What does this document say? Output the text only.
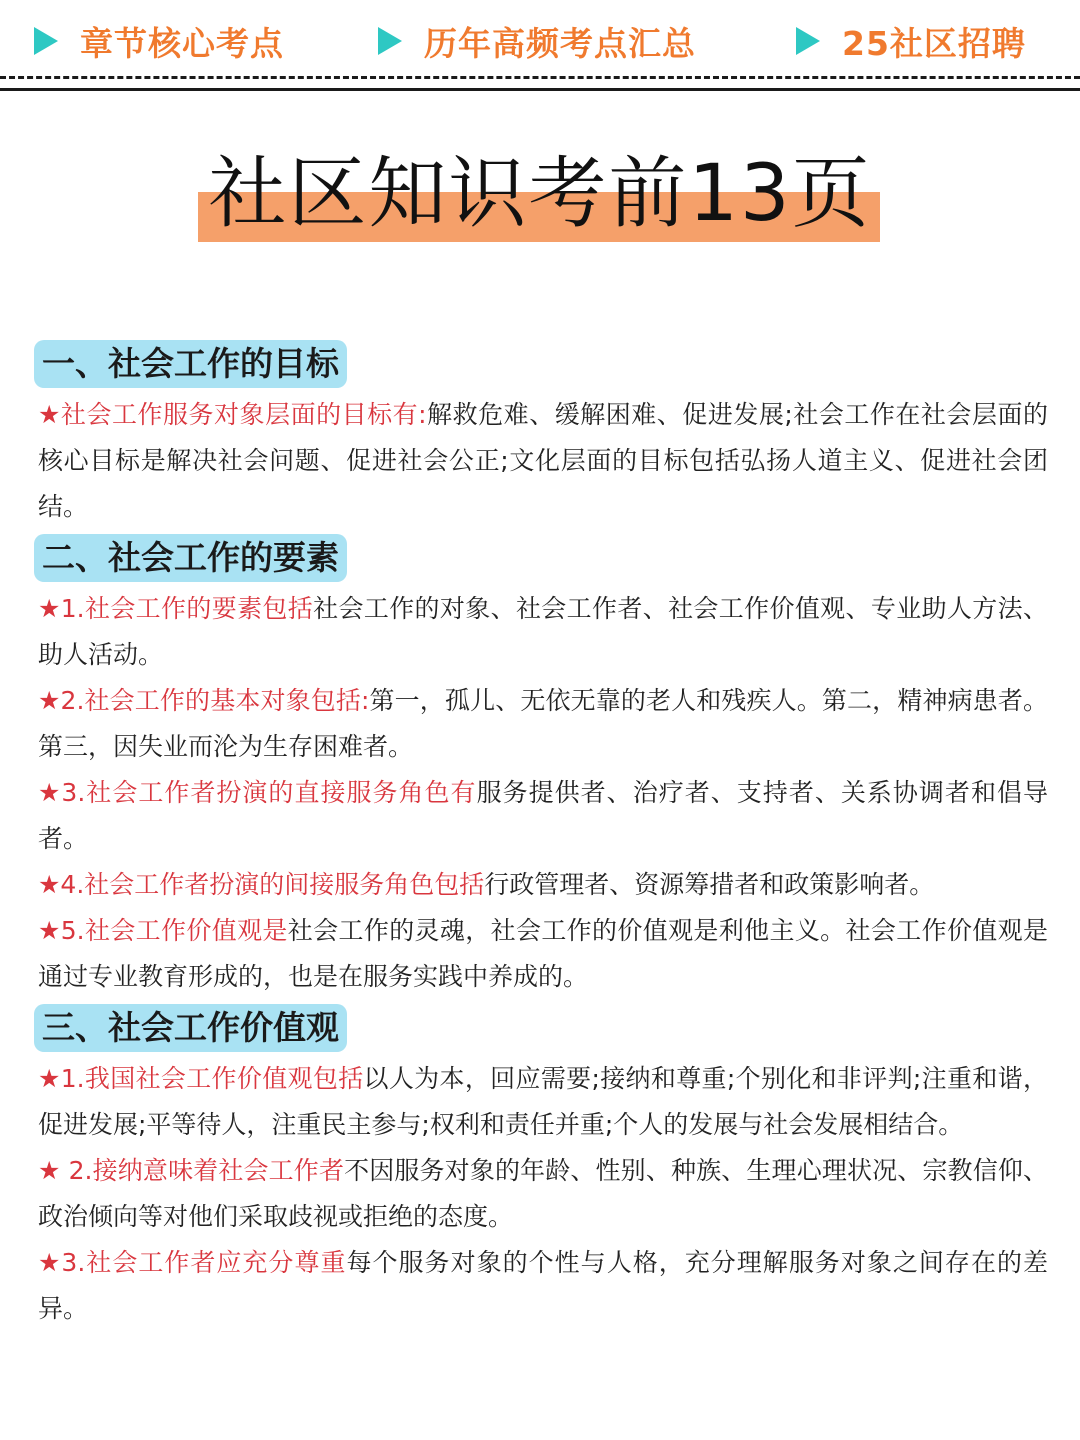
章节核心考点	历年高频考点汇总	25社区招聘
社区知识考前13页
一、社会工作的目标

★社会工作服务对象层面的目标有:解救危难、缓解困难、促进发展;社会工作在社会层面的核心目标是解决社会问题、促进社会公正;文化层面的目标包括弘扬人道主义、促进社会团结。

二、社会工作的要素

★1.社会工作的要素包括社会工作的对象、社会工作者、社会工作价值观、专业助人方法、助人活动。

★2.社会工作的基本对象包括:第一，孤儿、无依无靠的老人和残疾人。第二，精神病患者。第三，因失业而沦为生存困难者。

★3.社会工作者扮演的直接服务角色有服务提供者、治疗者、支持者、关系协调者和倡导者。

★4.社会工作者扮演的间接服务角色包括行政管理者、资源筹措者和政策影响者。

★5.社会工作价值观是社会工作的灵魂，社会工作的价值观是利他主义。社会工作价值观是通过专业教育形成的，也是在服务实践中养成的。

三、社会工作价值观

★1.我国社会工作价值观包括以人为本，回应需要;接纳和尊重;个别化和非评判;注重和谐，促进发展;平等待人，注重民主参与;权利和责任并重;个人的发展与社会发展相结合。

★ 2.接纳意味着社会工作者不因服务对象的年龄、性别、种族、生理心理状况、宗教信仰、政治倾向等对他们采取歧视或拒绝的态度。

★3.社会工作者应充分尊重每个服务对象的个性与人格，充分理解服务对象之间存在的差异。
